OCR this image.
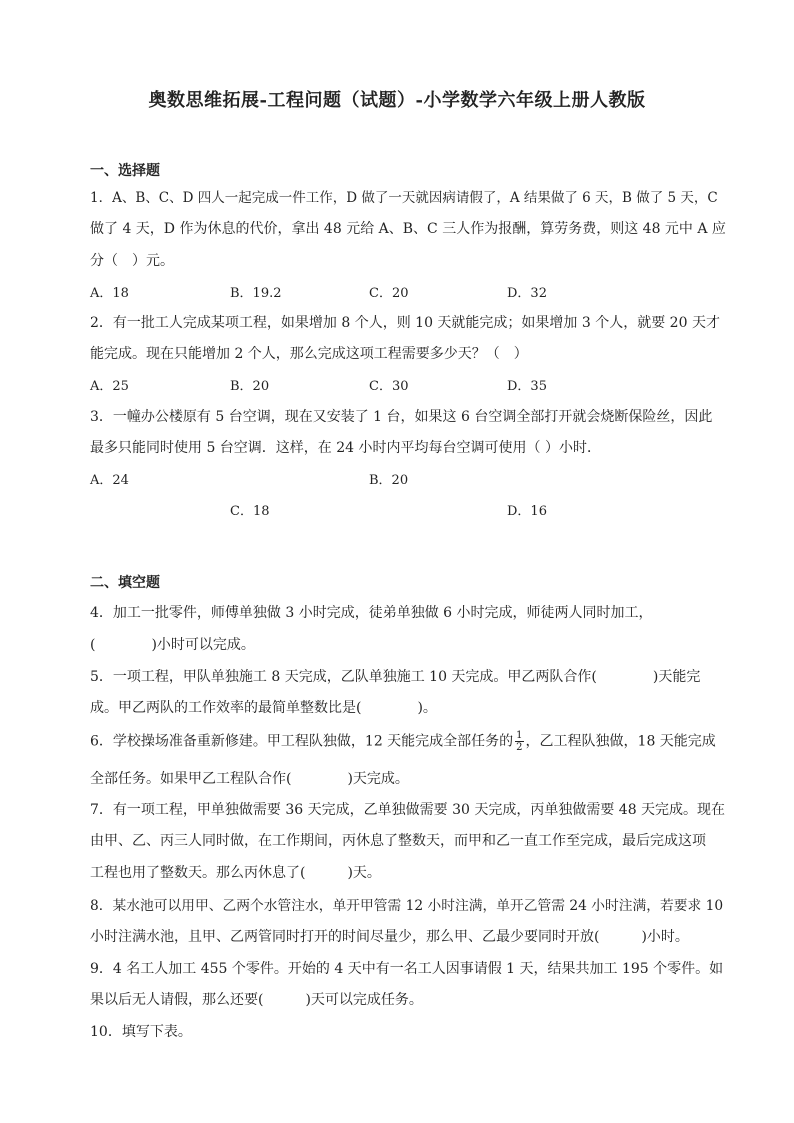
奥数思维拓展-工程问题（试题）-小学数学六年级上册人教版
一、选择题
1．A、B、C、D 四人一起完成一件工作，D 做了一天就因病请假了，A 结果做了 6 天，B 做了 5 天，C
做了 4 天，D 作为休息的代价，拿出 48 元给 A、B、C 三人作为报酬，算劳务费，则这 48 元中 A 应
分（　）元。
A．18	B．19.2	C．20	D．32
2．有一批工人完成某项工程，如果增加 8 个人，则 10 天就能完成；如果增加 3 个人，就要 20 天才
能完成。现在只能增加 2 个人，那么完成这项工程需要多少天？（　）
A．25	B．20	C．30	D．35
3．一幢办公楼原有 5 台空调，现在又安装了 1 台，如果这 6 台空调全部打开就会烧断保险丝，因此
最多只能同时使用 5 台空调．这样，在 24 小时内平均每台空调可使用（ ）小时．
A．24	B．20
C．18	D．16
二、填空题
4．加工一批零件，师傅单独做 3 小时完成，徒弟单独做 6 小时完成，师徒两人同时加工，
(　　　　)小时可以完成。
5．一项工程，甲队单独施工 8 天完成，乙队单独施工 10 天完成。甲乙两队合作(　　　　)天能完
成。甲乙两队的工作效率的最简单整数比是(　　　　)。
6．学校操场准备重新修建。甲工程队独做，12 天能完成全部任务的 $\frac{1}{2}$ ，乙工程队独做，18 天能完成
全部任务。如果甲乙工程队合作(　　　　)天完成。
7．有一项工程，甲单独做需要 36 天完成，乙单独做需要 30 天完成，丙单独做需要 48 天完成。现在
由甲、乙、丙三人同时做，在工作期间，丙休息了整数天，而甲和乙一直工作至完成，最后完成这项
工程也用了整数天。那么丙休息了(　　　)天。
8．某水池可以用甲、乙两个水管注水，单开甲管需 12 小时注满，单开乙管需 24 小时注满，若要求 10
小时注满水池，且甲、乙两管同时打开的时间尽量少，那么甲、乙最少要同时开放(　　　)小时。
9．4 名工人加工 455 个零件。开始的 4 天中有一名工人因事请假 1 天，结果共加工 195 个零件。如
果以后无人请假，那么还要(　　　)天可以完成任务。
10．填写下表。
